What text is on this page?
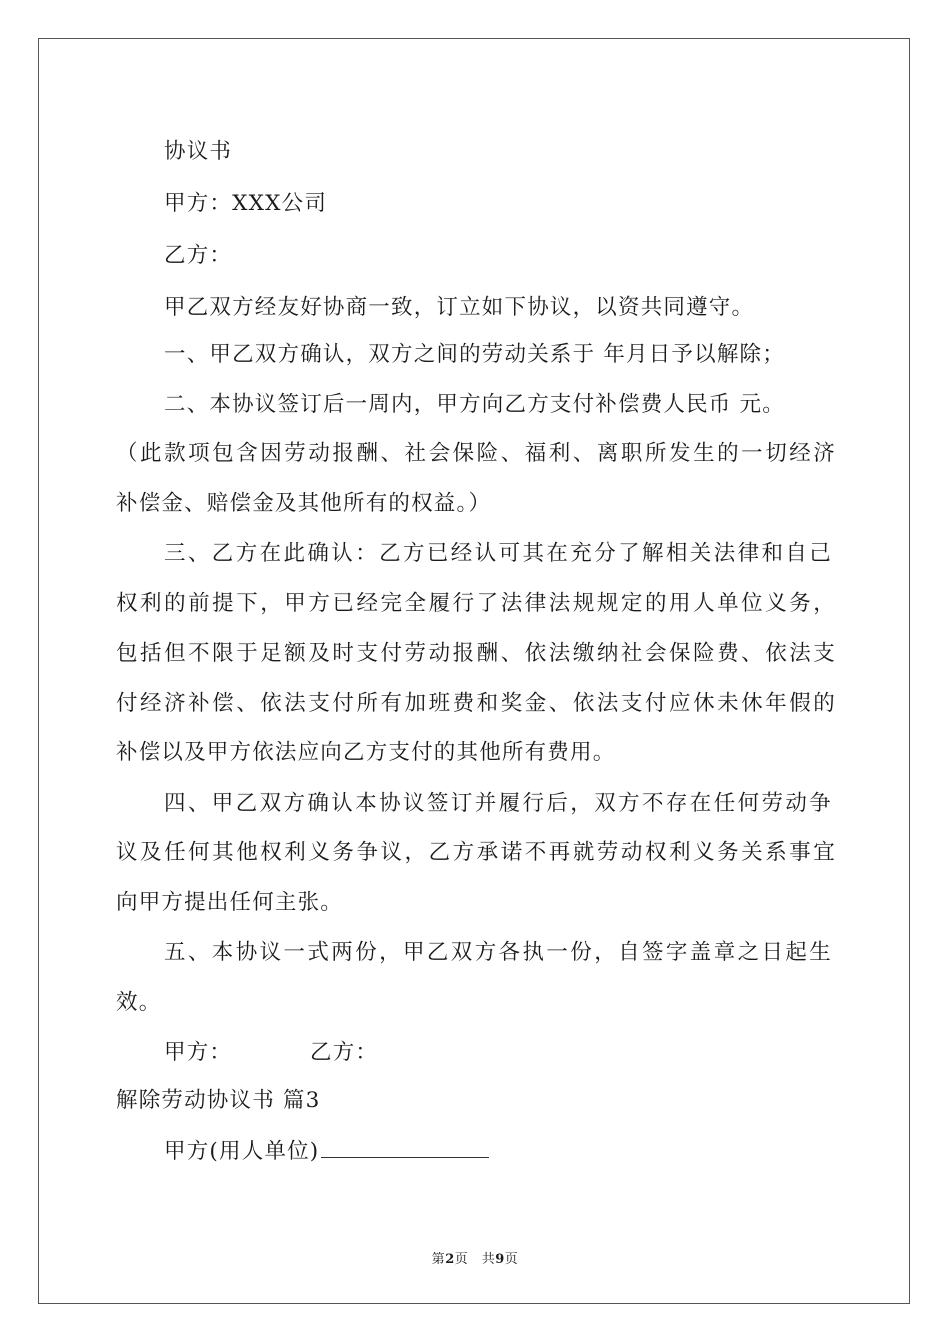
协议书
甲方：XXX公司
乙方：
甲乙双方经友好协商一致，订立如下协议，以资共同遵守。
一、甲乙双方确认，双方之间的劳动关系于 年月日予以解除；
二、本协议签订后一周内，甲方向乙方支付补偿费人民币 元。
（此款项包含因劳动报酬、社会保险、福利、离职所发生的一切经济
补偿金、赔偿金及其他所有的权益。）
三、乙方在此确认：乙方已经认可其在充分了解相关法律和自己
权利的前提下，甲方已经完全履行了法律法规规定的用人单位义务，
包括但不限于足额及时支付劳动报酬、依法缴纳社会保险费、依法支
付经济补偿、依法支付所有加班费和奖金、依法支付应休未休年假的
补偿以及甲方依法应向乙方支付的其他所有费用。
四、甲乙双方确认本协议签订并履行后，双方不存在任何劳动争
议及任何其他权利义务争议，乙方承诺不再就劳动权利义务关系事宜
向甲方提出任何主张。
五、本协议一式两份，甲乙双方各执一份，自签字盖章之日起生
效。
甲方：	乙方：
解除劳动协议书 篇3
甲方(用人单位)
第2页　共9页
